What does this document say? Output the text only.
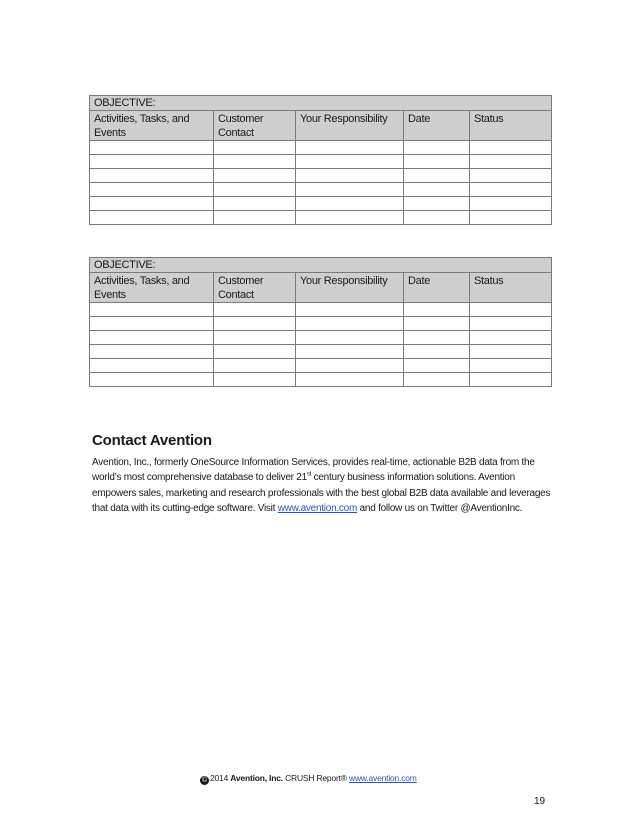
OBJECTIVE:				
Activities, Tasks, and Events	Customer Contact	Your Responsibility	Date	Status

OBJECTIVE:				
Activities, Tasks, and Events	Customer Contact	Your Responsibility	Date	Status

Contact Avention

Avention, Inc., formerly OneSource Information Services, provides real-time, actionable B2B data from the world’s most comprehensive database to deliver 21st century business information solutions. Avention empowers sales, marketing and research professionals with the best global B2B data available and leverages that data with its cutting-edge software. Visit www.avention.com and follow us on Twitter @AventionInc.

© 2014 Avention, Inc. CRUSH Report® www.avention.com
19
